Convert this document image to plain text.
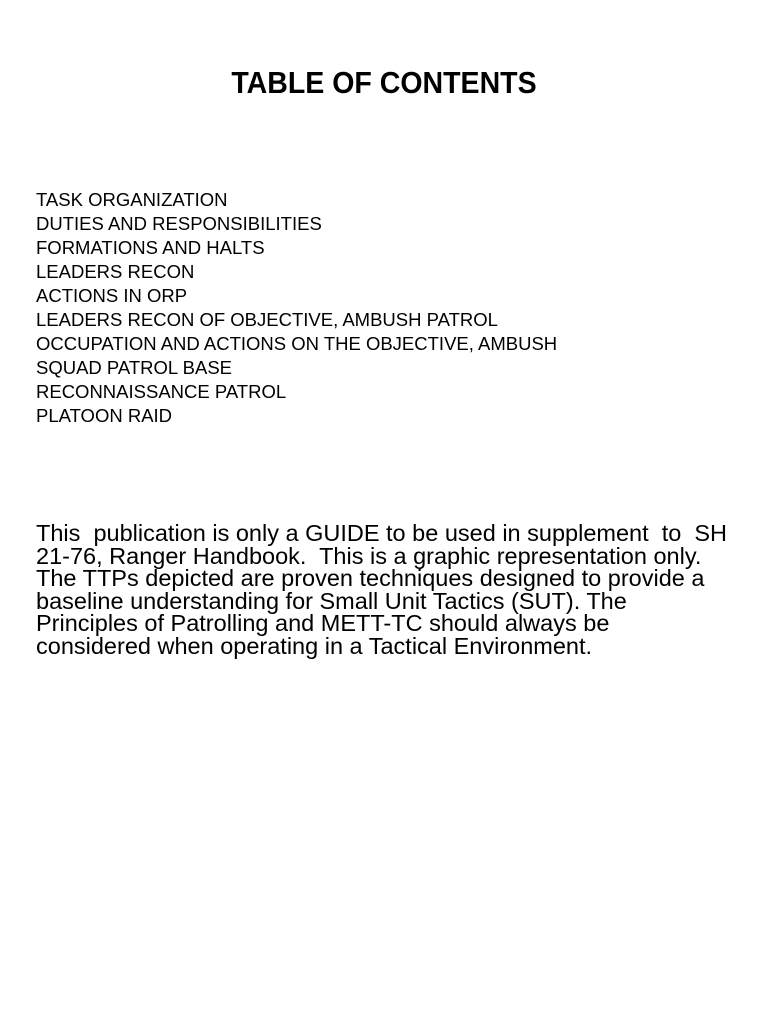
TABLE OF CONTENTS
TASK ORGANIZATION
DUTIES AND RESPONSIBILITIES
FORMATIONS AND HALTS
LEADERS RECON
ACTIONS IN ORP
LEADERS RECON OF OBJECTIVE, AMBUSH PATROL
OCCUPATION AND ACTIONS ON THE OBJECTIVE, AMBUSH
SQUAD PATROL BASE
RECONNAISSANCE PATROL
PLATOON RAID

This  publication is only a GUIDE to be used in supplement  to  SH
21-76, Ranger Handbook.  This is a graphic representation only.
The TTPs depicted are proven techniques designed to provide a
baseline understanding for Small Unit Tactics (SUT). The
Principles of Patrolling and METT-TC should always be
considered when operating in a Tactical Environment.
